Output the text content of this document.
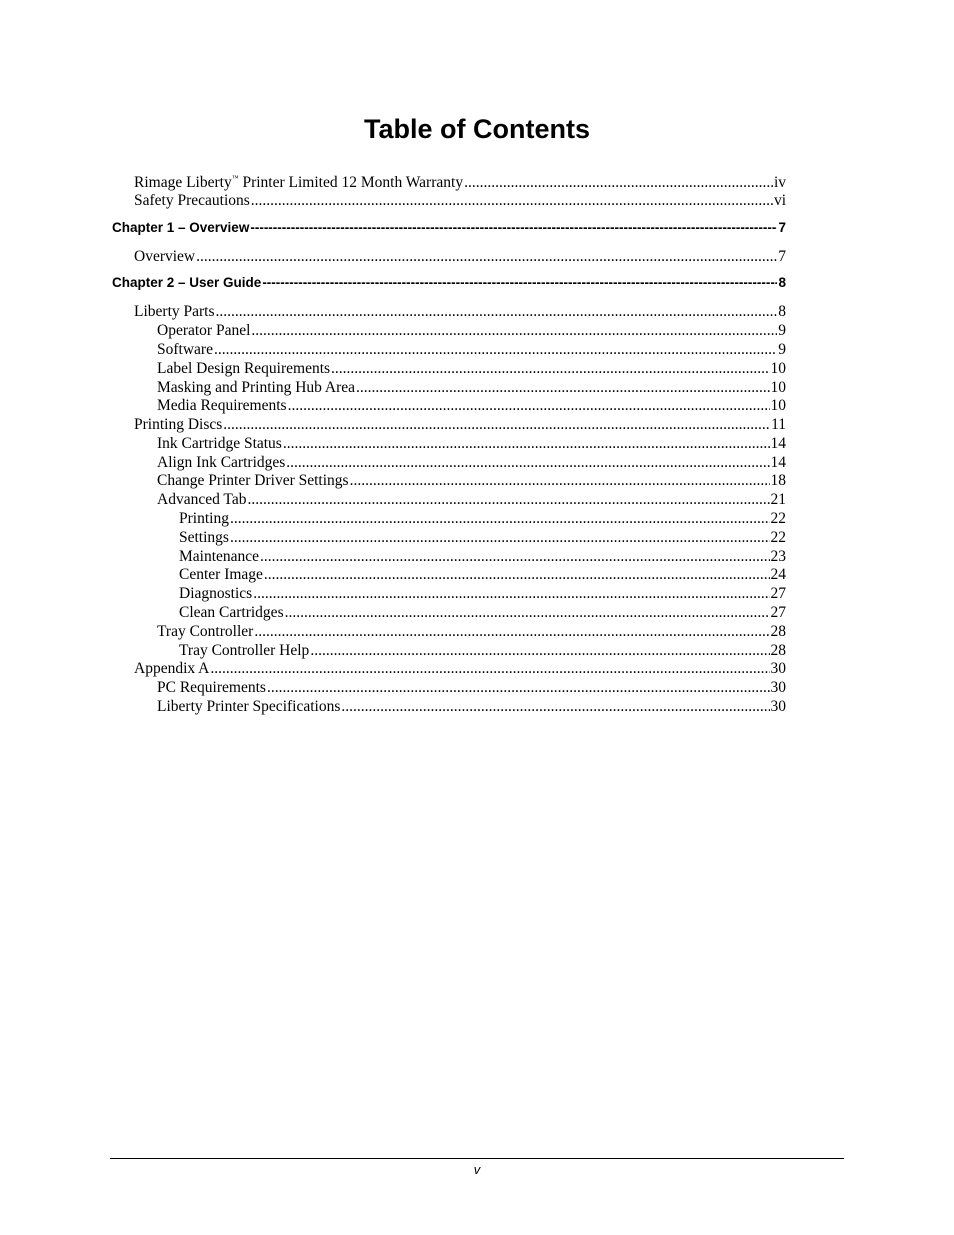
Table of Contents
Rimage Liberty™ Printer Limited 12 Month Warranty .....	iv
Safety Precautions .....	vi
Chapter 1 – Overview -----	7
Overview .....	7
Chapter 2 – User Guide -----	8
Liberty Parts .....	8
Operator Panel .....	9
Software .....	9
Label Design Requirements .....	10
Masking and Printing Hub Area .....	10
Media Requirements .....	10
Printing Discs .....	11
Ink Cartridge Status .....	14
Align Ink Cartridges .....	14
Change Printer Driver Settings .....	18
Advanced Tab .....	21
Printing .....	22
Settings .....	22
Maintenance .....	23
Center Image .....	24
Diagnostics .....	27
Clean Cartridges .....	27
Tray Controller .....	28
Tray Controller Help .....	28
Appendix A .....	30
PC Requirements .....	30
Liberty Printer Specifications .....	30
v
